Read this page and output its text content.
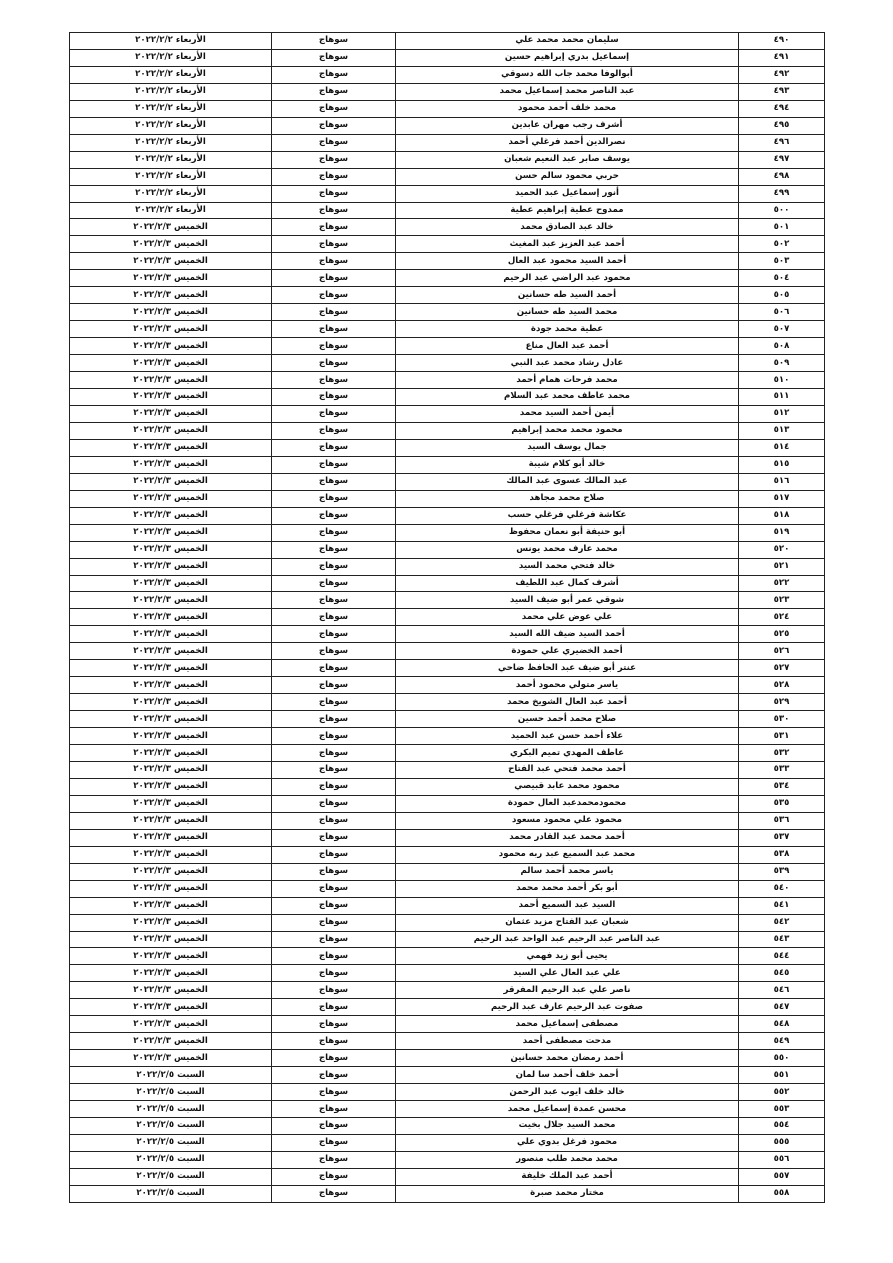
٤٩٠	سليمان محمد محمد علي	سوهاج	الأربعاء ٢٠٢٢/٢/٢
٤٩١	إسماعيل بدري إبراهيم حسين	سوهاج	الأربعاء ٢٠٢٢/٢/٢
٤٩٢	أبوالوفا محمد جاب الله دسوقي	سوهاج	الأربعاء ٢٠٢٢/٢/٢
٤٩٣	عبد الناصر محمد إسماعيل محمد	سوهاج	الأربعاء ٢٠٢٢/٢/٢
٤٩٤	محمد خلف أحمد محمود	سوهاج	الأربعاء ٢٠٢٢/٢/٢
٤٩٥	أشرف رجب مهران عابدين	سوهاج	الأربعاء ٢٠٢٢/٢/٢
٤٩٦	نصرالدين أحمد فرغلي أحمد	سوهاج	الأربعاء ٢٠٢٢/٢/٢
٤٩٧	يوسف صابر عبد النعيم شعبان	سوهاج	الأربعاء ٢٠٢٢/٢/٢
٤٩٨	حربي محمود سالم حسن	سوهاج	الأربعاء ٢٠٢٢/٢/٢
٤٩٩	أنور إسماعيل عبد الحميد	سوهاج	الأربعاء ٢٠٢٢/٢/٢
٥٠٠	ممدوح عطية إبراهيم عطية	سوهاج	الأربعاء ٢٠٢٢/٢/٢
٥٠١	خالد عبد الصادق محمد	سوهاج	الخميس ٢٠٢٢/٢/٣
٥٠٢	أحمد عبد العزيز عبد المغيث	سوهاج	الخميس ٢٠٢٢/٢/٣
٥٠٣	أحمد السيد محمود عبد العال	سوهاج	الخميس ٢٠٢٢/٢/٣
٥٠٤	محمود عبد الراضي عبد الرحيم	سوهاج	الخميس ٢٠٢٢/٢/٣
٥٠٥	أحمد السيد طه حسانين	سوهاج	الخميس ٢٠٢٢/٢/٣
٥٠٦	محمد السيد طه حسانين	سوهاج	الخميس ٢٠٢٢/٢/٣
٥٠٧	عطية محمد جودة	سوهاج	الخميس ٢٠٢٢/٢/٣
٥٠٨	أحمد عبد العال مناع	سوهاج	الخميس ٢٠٢٢/٢/٣
٥٠٩	عادل رشاد محمد عبد النبي	سوهاج	الخميس ٢٠٢٢/٢/٣
٥١٠	محمد فرحات همام أحمد	سوهاج	الخميس ٢٠٢٢/٢/٣
٥١١	محمد عاطف محمد عبد السلام	سوهاج	الخميس ٢٠٢٢/٢/٣
٥١٢	أيمن أحمد السيد محمد	سوهاج	الخميس ٢٠٢٢/٢/٣
٥١٣	محمود محمد محمد إبراهيم	سوهاج	الخميس ٢٠٢٢/٢/٣
٥١٤	جمال يوسف السيد	سوهاج	الخميس ٢٠٢٢/٢/٣
٥١٥	خالد أبو كلام شيبة	سوهاج	الخميس ٢٠٢٢/٢/٣
٥١٦	عبد المالك عسوى عبد المالك	سوهاج	الخميس ٢٠٢٢/٢/٣
٥١٧	صلاح محمد مجاهد	سوهاج	الخميس ٢٠٢٢/٢/٣
٥١٨	عكاشة فرغلي فرغلي حسب	سوهاج	الخميس ٢٠٢٢/٢/٣
٥١٩	أبو حنيفة أبو نعمان محفوظ	سوهاج	الخميس ٢٠٢٢/٢/٣
٥٢٠	محمد عارف محمد يونس	سوهاج	الخميس ٢٠٢٢/٢/٣
٥٢١	خالد فتحي محمد السيد	سوهاج	الخميس ٢٠٢٢/٢/٣
٥٢٢	أشرف كمال عبد اللطيف	سوهاج	الخميس ٢٠٢٢/٢/٣
٥٢٣	شوقي عمر أبو ضيف السيد	سوهاج	الخميس ٢٠٢٢/٢/٣
٥٢٤	علي عوض علي محمد	سوهاج	الخميس ٢٠٢٢/٢/٣
٥٢٥	أحمد السيد ضيف الله السيد	سوهاج	الخميس ٢٠٢٢/٢/٣
٥٢٦	أحمد الخضيري علي حمودة	سوهاج	الخميس ٢٠٢٢/٢/٣
٥٢٧	عنتر أبو ضيف عبد الحافظ ضاحي	سوهاج	الخميس ٢٠٢٢/٢/٣
٥٢٨	ياسر متولي محمود أحمد	سوهاج	الخميس ٢٠٢٢/٢/٣
٥٢٩	أحمد عبد العال الشويخ محمد	سوهاج	الخميس ٢٠٢٢/٢/٣
٥٣٠	صلاح محمد أحمد حسين	سوهاج	الخميس ٢٠٢٢/٢/٣
٥٣١	علاء أحمد حسن عبد الحميد	سوهاج	الخميس ٢٠٢٢/٢/٣
٥٣٢	عاطف المهدي تميم البكري	سوهاج	الخميس ٢٠٢٢/٢/٣
٥٣٣	أحمد محمد فتحي عبد الفتاح	سوهاج	الخميس ٢٠٢٢/٢/٣
٥٣٤	محمود محمد عابد قبيصي	سوهاج	الخميس ٢٠٢٢/٢/٣
٥٣٥	محمودمحمدعبد العال حمودة	سوهاج	الخميس ٢٠٢٢/٢/٣
٥٣٦	محمود علي محمود مسعود	سوهاج	الخميس ٢٠٢٢/٢/٣
٥٣٧	أحمد محمد عبد القادر محمد	سوهاج	الخميس ٢٠٢٢/٢/٣
٥٣٨	محمد عبد السميع عبد ربه محمود	سوهاج	الخميس ٢٠٢٢/٢/٣
٥٣٩	ياسر محمد أحمد سالم	سوهاج	الخميس ٢٠٢٢/٢/٣
٥٤٠	أبو بكر أحمد محمد محمد	سوهاج	الخميس ٢٠٢٢/٢/٣
٥٤١	السيد عبد السميع أحمد	سوهاج	الخميس ٢٠٢٢/٢/٣
٥٤٢	شعبان عبد الفتاح مزيد عثمان	سوهاج	الخميس ٢٠٢٢/٢/٣
٥٤٣	عبد الناصر عبد الرحيم عبد الواحد عبد الرحيم	سوهاج	الخميس ٢٠٢٢/٢/٣
٥٤٤	يحيى أبو زيد فهمي	سوهاج	الخميس ٢٠٢٢/٢/٣
٥٤٥	علي عبد العال علي السيد	سوهاج	الخميس ٢٠٢٢/٢/٣
٥٤٦	ناصر علي عبد الرحيم المفرقر	سوهاج	الخميس ٢٠٢٢/٢/٣
٥٤٧	صفوت عبد الرحيم عارف عبد الرحيم	سوهاج	الخميس ٢٠٢٢/٢/٣
٥٤٨	مصطفى إسماعيل محمد	سوهاج	الخميس ٢٠٢٢/٢/٣
٥٤٩	مدحت مصطفى أحمد	سوهاج	الخميس ٢٠٢٢/٢/٣
٥٥٠	أحمد رمضان محمد حسانين	سوهاج	الخميس ٢٠٢٢/٢/٣
٥٥١	أحمد خلف أحمد سا لمان	سوهاج	السبت ٢٠٢٢/٢/٥
٥٥٢	خالد خلف ايوب عبد الرحمن	سوهاج	السبت ٢٠٢٢/٢/٥
٥٥٣	محسن عمدة إسماعيل محمد	سوهاج	السبت ٢٠٢٢/٢/٥
٥٥٤	محمد السيد جلال بخيت	سوهاج	السبت ٢٠٢٢/٢/٥
٥٥٥	محمود فرغل بدوي علي	سوهاج	السبت ٢٠٢٢/٢/٥
٥٥٦	محمد محمد طلب منصور	سوهاج	السبت ٢٠٢٢/٢/٥
٥٥٧	أحمد عبد الملك خليفة	سوهاج	السبت ٢٠٢٢/٢/٥
٥٥٨	مختار محمد صبرة	سوهاج	السبت ٢٠٢٢/٢/٥
